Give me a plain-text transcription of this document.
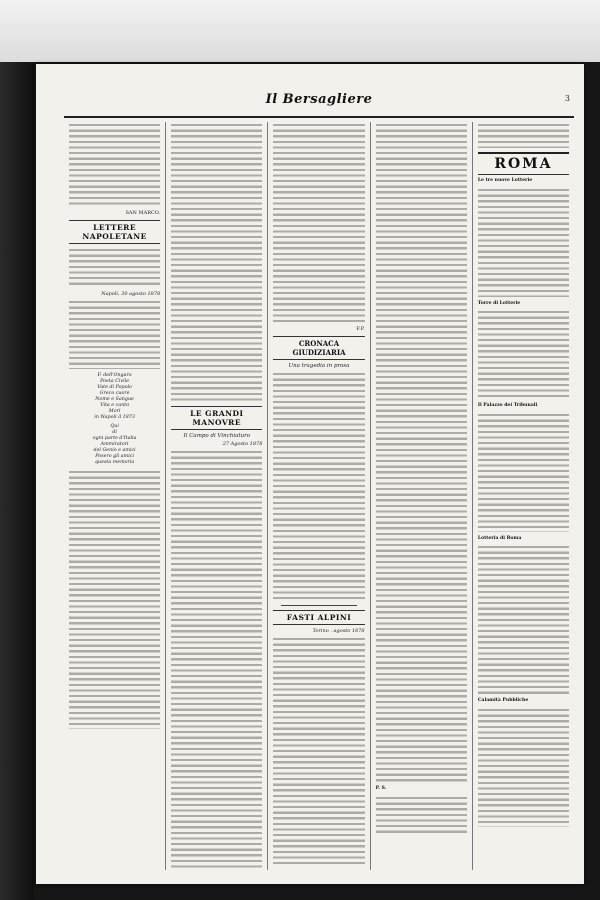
Il Bersagliere	3
SAN MARCO.
LETTERE NAPOLETANE
Napoli, 30 agosto 1878
F. dell'Ongaro
Poeta Civile
Vate di Popolo
Greco cuore
Nome e Sangue
Vita e canto
Morì
in Napoli il 1873
Qui
di
ogni parte d'Italia
Ammiratori
del Genio e amici
Posero gli amici
questa memoria
LE GRANDI MANOVRE
Il Campo di Vinchiaturo
27 Agosto 1878
F.P.
CRONACA GIUDIZIARIA
Una tragedia in prosa
FASTI ALPINI
Torino . agosto 1878
P. S.
ROMA
Le tre nuove Lotterie
Torre di Lotterie
Il Palazzo dei Tribunali
Lotteria di Roma
Calamità Pubbliche
